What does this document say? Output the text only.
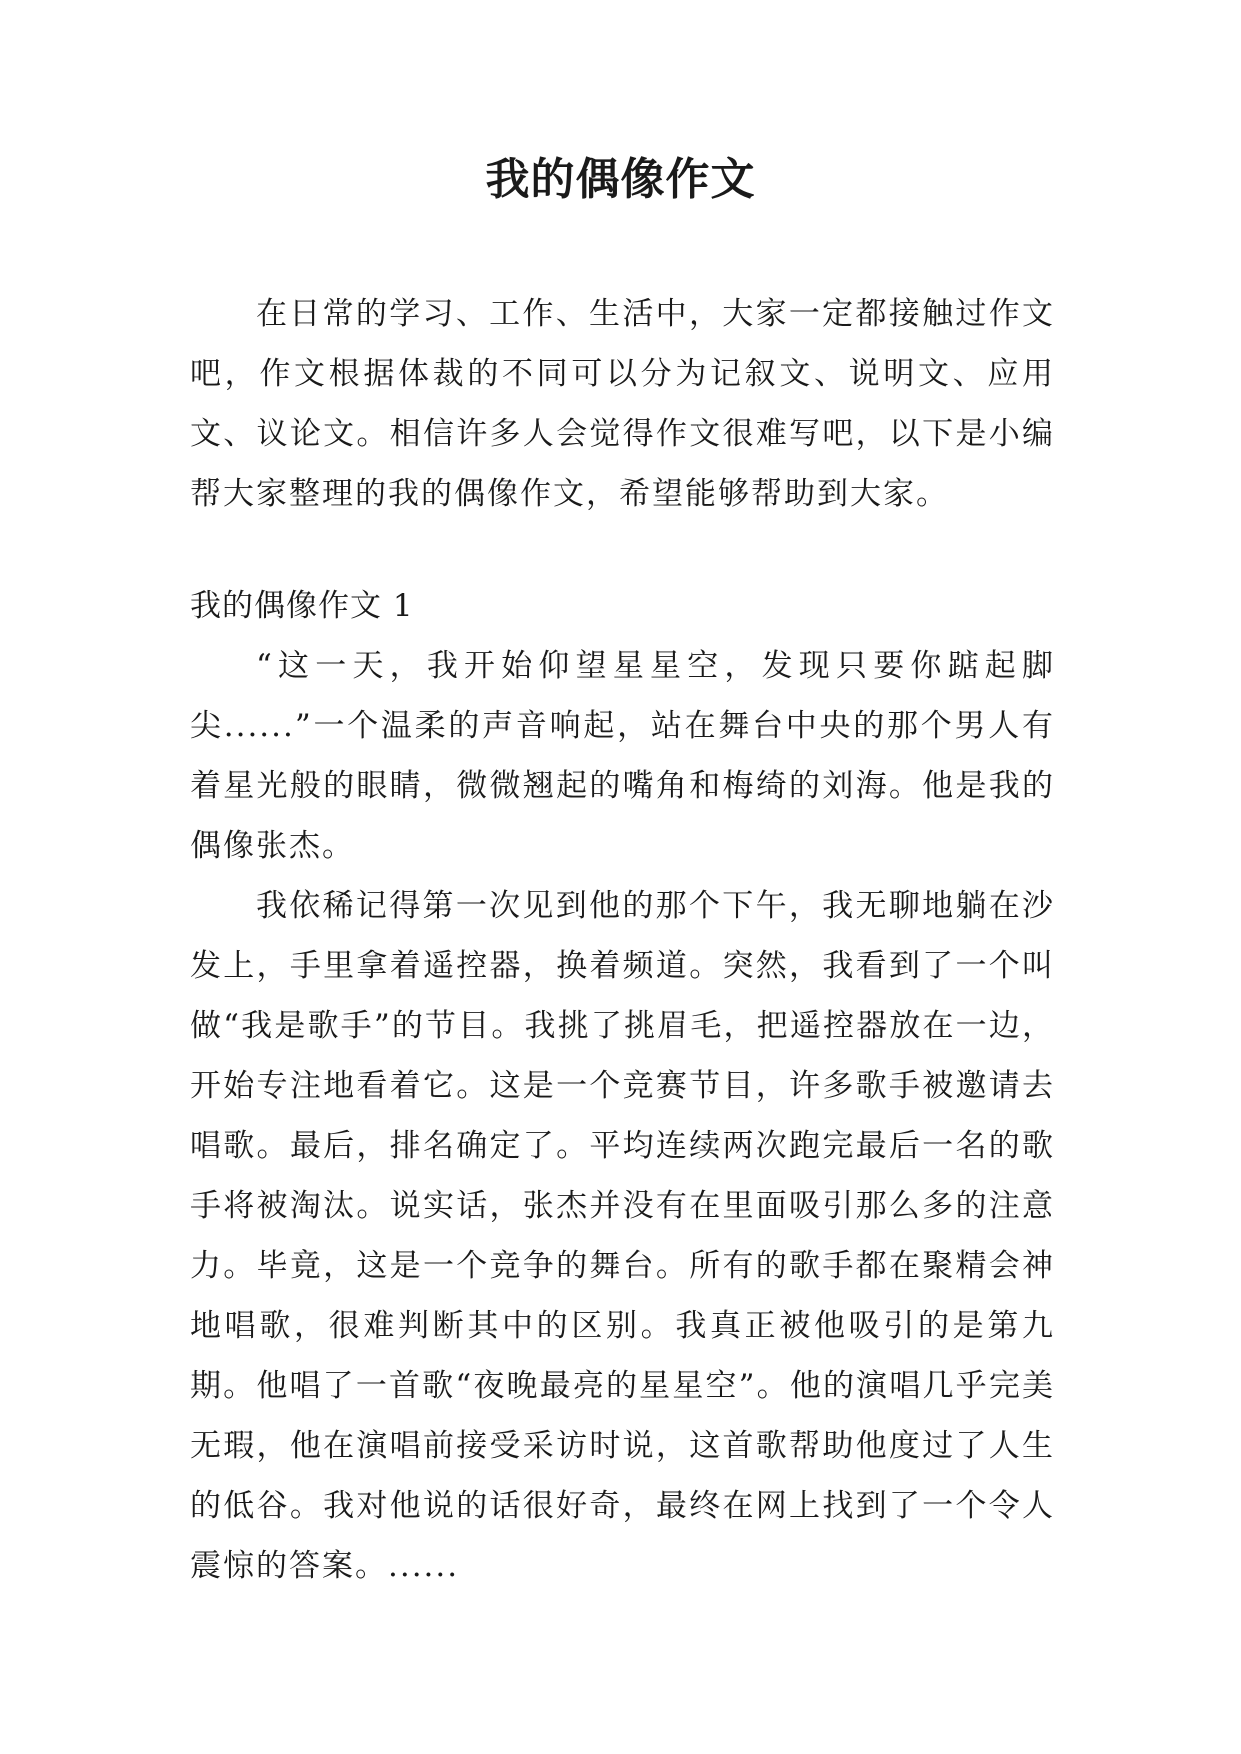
我的偶像作文

在日常的学习、工作、生活中，大家一定都接触过作文吧，作文根据体裁的不同可以分为记叙文、说明文、应用文、议论文。相信许多人会觉得作文很难写吧，以下是小编帮大家整理的我的偶像作文，希望能够帮助到大家。

我的偶像作文 1

“这一天，我开始仰望星星空，发现只要你踮起脚尖......”一个温柔的声音响起，站在舞台中央的那个男人有着星光般的眼睛，微微翘起的嘴角和梅绮的刘海。他是我的偶像张杰。

我依稀记得第一次见到他的那个下午，我无聊地躺在沙发上，手里拿着遥控器，换着频道。突然，我看到了一个叫做“我是歌手”的节目。我挑了挑眉毛，把遥控器放在一边，开始专注地看着它。这是一个竞赛节目，许多歌手被邀请去唱歌。最后，排名确定了。平均连续两次跑完最后一名的歌手将被淘汰。说实话，张杰并没有在里面吸引那么多的注意力。毕竟，这是一个竞争的舞台。所有的歌手都在聚精会神地唱歌，很难判断其中的区别。我真正被他吸引的是第九期。他唱了一首歌“夜晚最亮的星星空”。他的演唱几乎完美无瑕，他在演唱前接受采访时说，这首歌帮助他度过了人生的低谷。我对他说的话很好奇，最终在网上找到了一个令人震惊的答案。......
